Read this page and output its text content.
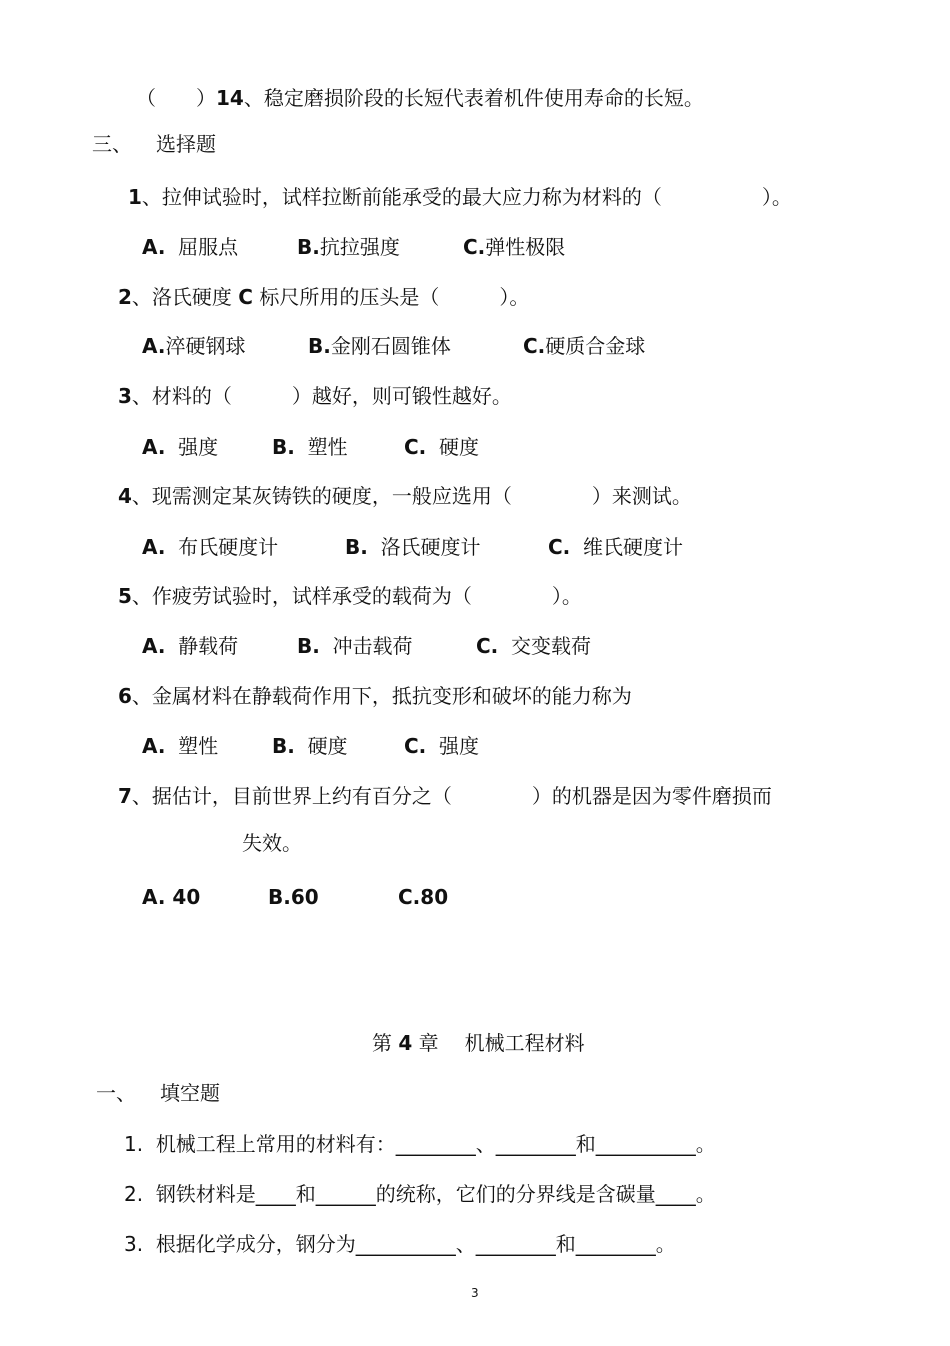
（　　）14、稳定磨损阶段的长短代表着机件使用寿命的长短。
三、 选择题
1、拉伸试验时，试样拉断前能承受的最大应力称为材料的（　　　　　）。
A. 屈服点	B.抗拉强度	C.弹性极限
2、洛氏硬度 C 标尺所用的压头是（　　　）。
A.淬硬钢球	B.金刚石圆锥体	C.硬质合金球
3、材料的（　　　）越好，则可锻性越好。
A. 强度	B. 塑性	C. 硬度
4、现需测定某灰铸铁的硬度，一般应选用（　　　　）来测试。
A. 布氏硬度计	B. 洛氏硬度计	C. 维氏硬度计
5、作疲劳试验时，试样承受的载荷为（　　　　）。
A. 静载荷	B. 冲击载荷	C. 交变载荷
6、金属材料在静载荷作用下，抵抗变形和破坏的能力称为
A. 塑性	B. 硬度	C. 强度
7、据估计，目前世界上约有百分之（　　　　）的机器是因为零件磨损而
失效。
A. 40	B.60	C.80
第 4 章 机械工程材料
一、 填空题
1. 机械工程上常用的材料有：________、________和__________。
2. 钢铁材料是____和______的统称，它们的分界线是含碳量____。
3. 根据化学成分，钢分为__________、________和________。
3
